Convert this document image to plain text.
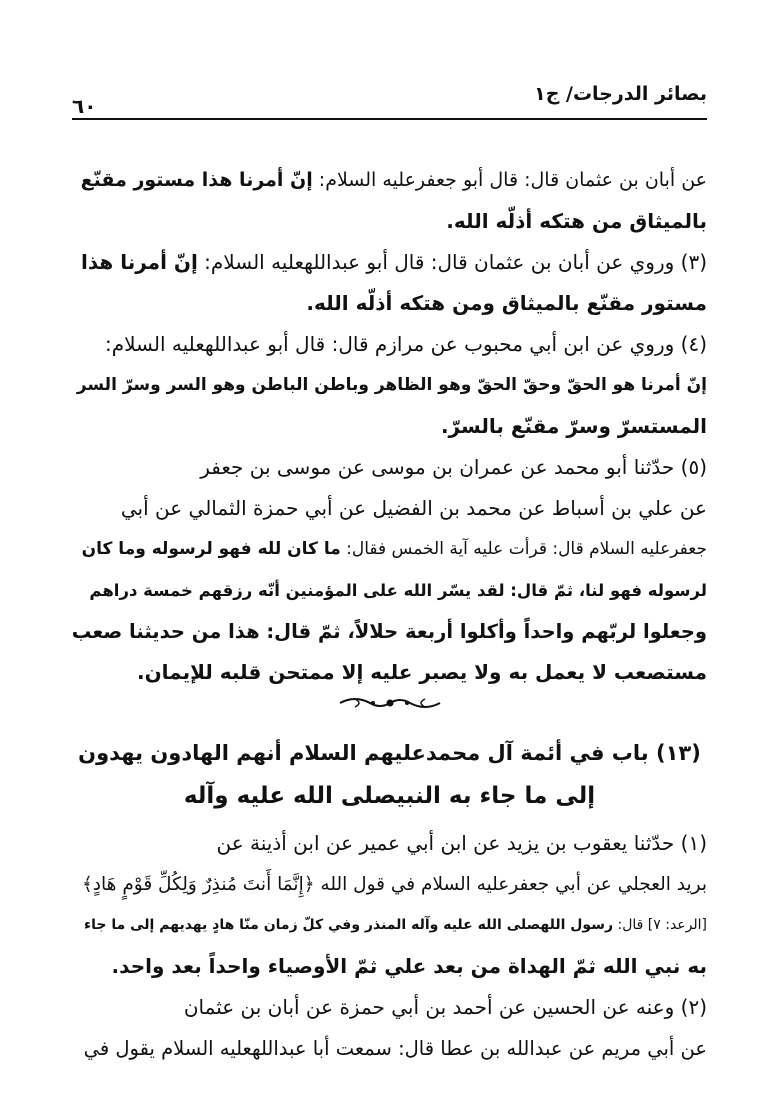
بصائر الدرجات/ ج١
٦٠
عن أبان بن عثمان قال: قال أبو جعفرعليه السلام: إنّ أمرنا هذا مستور مقنّع
بالميثاق من هتكه أذلّه الله.
(٣) وروي عن أبان بن عثمان قال: قال أبو عبداللهعليه السلام: إنّ أمرنا هذا
مستور مقنّع بالميثاق ومن هتكه أذلّه الله.
(٤) وروي عن ابن أبي محبوب عن مرازم قال: قال أبو عبداللهعليه السلام:
إنّ أمرنا هو الحقّ وحقّ الحقّ وهو الظاهر وباطن الباطن وهو السر وسرّ السر
المستسرّ وسرّ مقنّع بالسرّ.
(٥) حدّثنا أبو محمد عن عمران بن موسى عن موسى بن جعفر
عن علي بن أسباط عن محمد بن الفضيل عن أبي حمزة الثمالي عن أبي
جعفرعليه السلام قال: قرأت عليه آية الخمس فقال: ما كان لله فهو لرسوله وما كان
لرسوله فهو لنا، ثمّ قال: لقد يسّر الله على المؤمنين أنّه رزقهم خمسة دراهم
وجعلوا لربّهم واحداً وأكلوا أربعة حلالاً، ثمّ قال: هذا من حديثنا صعب
مستصعب لا يعمل به ولا يصبر عليه إلا ممتحن قلبه للإيمان.
(١٣) باب في أئمة آل محمدعليهم السلام أنهم الهادون يهدون
إلى ما جاء به النبيصلى الله عليه وآله
(١) حدّثنا يعقوب بن يزيد عن ابن أبي عمير عن ابن أذينة عن
بريد العجلي عن أبي جعفرعليه السلام في قول الله ﴿إِنَّمَا أَنتَ مُنذِرٌ وَلِكُلِّ قَوْمٍ هَادٍ﴾
[الرعد: ٧] قال: رسول اللهصلى الله عليه وآله المنذر وفي كلّ زمان منّا هادٍ يهديهم إلى ما جاء
به نبي الله ثمّ الهداة من بعد علي ثمّ الأوصياء واحداً بعد واحد.
(٢) وعنه عن الحسين عن أحمد بن أبي حمزة عن أبان بن عثمان
عن أبي مريم عن عبدالله بن عطا قال: سمعت أبا عبداللهعليه السلام يقول في
